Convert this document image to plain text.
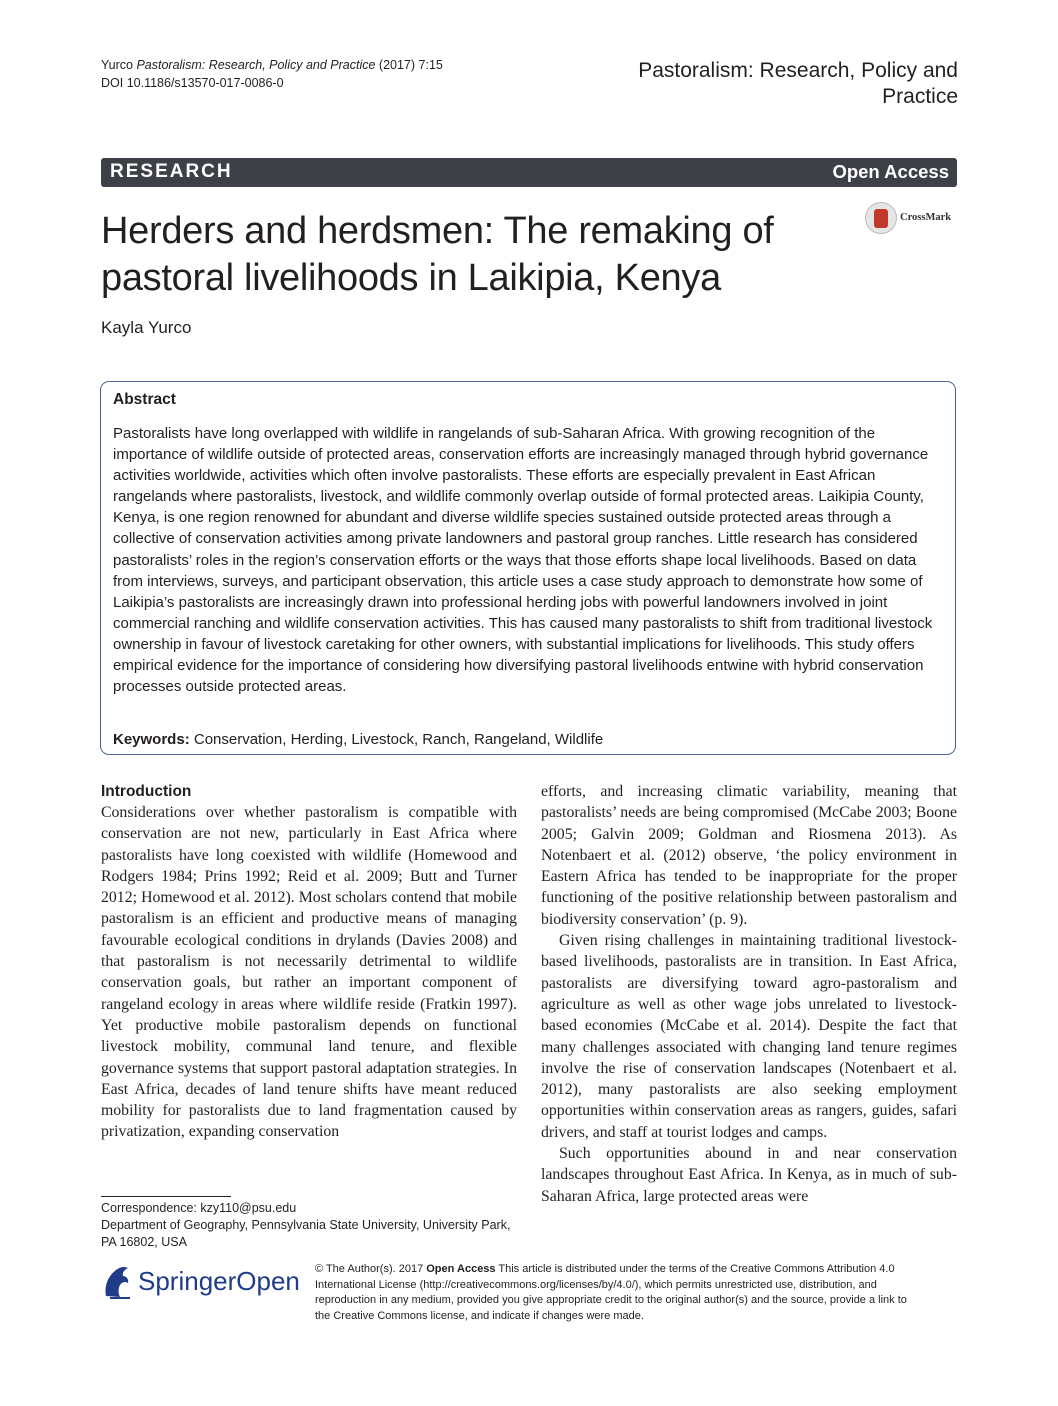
Yurco Pastoralism: Research, Policy and Practice (2017) 7:15
DOI 10.1186/s13570-017-0086-0
Pastoralism: Research, Policy and Practice
RESEARCH	Open Access
Herders and herdsmen: The remaking of pastoral livelihoods in Laikipia, Kenya
CrossMark
Kayla Yurco
Abstract

Pastoralists have long overlapped with wildlife in rangelands of sub-Saharan Africa. With growing recognition of the importance of wildlife outside of protected areas, conservation efforts are increasingly managed through hybrid governance activities worldwide, activities which often involve pastoralists. These efforts are especially prevalent in East African rangelands where pastoralists, livestock, and wildlife commonly overlap outside of formal protected areas. Laikipia County, Kenya, is one region renowned for abundant and diverse wildlife species sustained outside protected areas through a collective of conservation activities among private landowners and pastoral group ranches. Little research has considered pastoralists’ roles in the region’s conservation efforts or the ways that those efforts shape local livelihoods. Based on data from interviews, surveys, and participant observation, this article uses a case study approach to demonstrate how some of Laikipia’s pastoralists are increasingly drawn into professional herding jobs with powerful landowners involved in joint commercial ranching and wildlife conservation activities. This has caused many pastoralists to shift from traditional livestock ownership in favour of livestock caretaking for other owners, with substantial implications for livelihoods. This study offers empirical evidence for the importance of considering how diversifying pastoral livelihoods entwine with hybrid conservation processes outside protected areas.

Keywords: Conservation, Herding, Livestock, Ranch, Rangeland, Wildlife
Introduction

Considerations over whether pastoralism is compatible with conservation are not new, particularly in East Africa where pastoralists have long coexisted with wildlife (Homewood and Rodgers 1984; Prins 1992; Reid et al. 2009; Butt and Turner 2012; Homewood et al. 2012). Most scholars contend that mobile pastoralism is an efficient and productive means of managing favourable ecological conditions in drylands (Davies 2008) and that pastoralism is not necessarily detrimental to wildlife conservation goals, but rather an important component of rangeland ecology in areas where wildlife reside (Fratkin 1997). Yet productive mobile pastoralism depends on functional livestock mobility, communal land tenure, and flexible governance systems that support pastoral adaptation strategies. In East Africa, decades of land tenure shifts have meant reduced mobility for pastoralists due to land fragmentation caused by privatization, expanding conservation

efforts, and increasing climatic variability, meaning that pastoralists’ needs are being compromised (McCabe 2003; Boone 2005; Galvin 2009; Goldman and Riosmena 2013). As Notenbaert et al. (2012) observe, ‘the policy environment in Eastern Africa has tended to be inappropriate for the proper functioning of the positive relationship between pastoralism and biodiversity conservation’ (p. 9).

Given rising challenges in maintaining traditional livestock-based livelihoods, pastoralists are in transition. In East Africa, pastoralists are diversifying toward agro-pastoralism and agriculture as well as other wage jobs unrelated to livestock-based economies (McCabe et al. 2014). Despite the fact that many challenges associated with changing land tenure regimes involve the rise of conservation landscapes (Notenbaert et al. 2012), many pastoralists are also seeking employment opportunities within conservation areas as rangers, guides, safari drivers, and staff at tourist lodges and camps.

Such opportunities abound in and near conservation landscapes throughout East Africa. In Kenya, as in much of sub-Saharan Africa, large protected areas were

Correspondence: kzy110@psu.edu
Department of Geography, Pennsylvania State University, University Park, PA 16802, USA
SpringerOpen © The Author(s). 2017 Open Access This article is distributed under the terms of the Creative Commons Attribution 4.0 International License (http://creativecommons.org/licenses/by/4.0/), which permits unrestricted use, distribution, and reproduction in any medium, provided you give appropriate credit to the original author(s) and the source, provide a link to the Creative Commons license, and indicate if changes were made.
